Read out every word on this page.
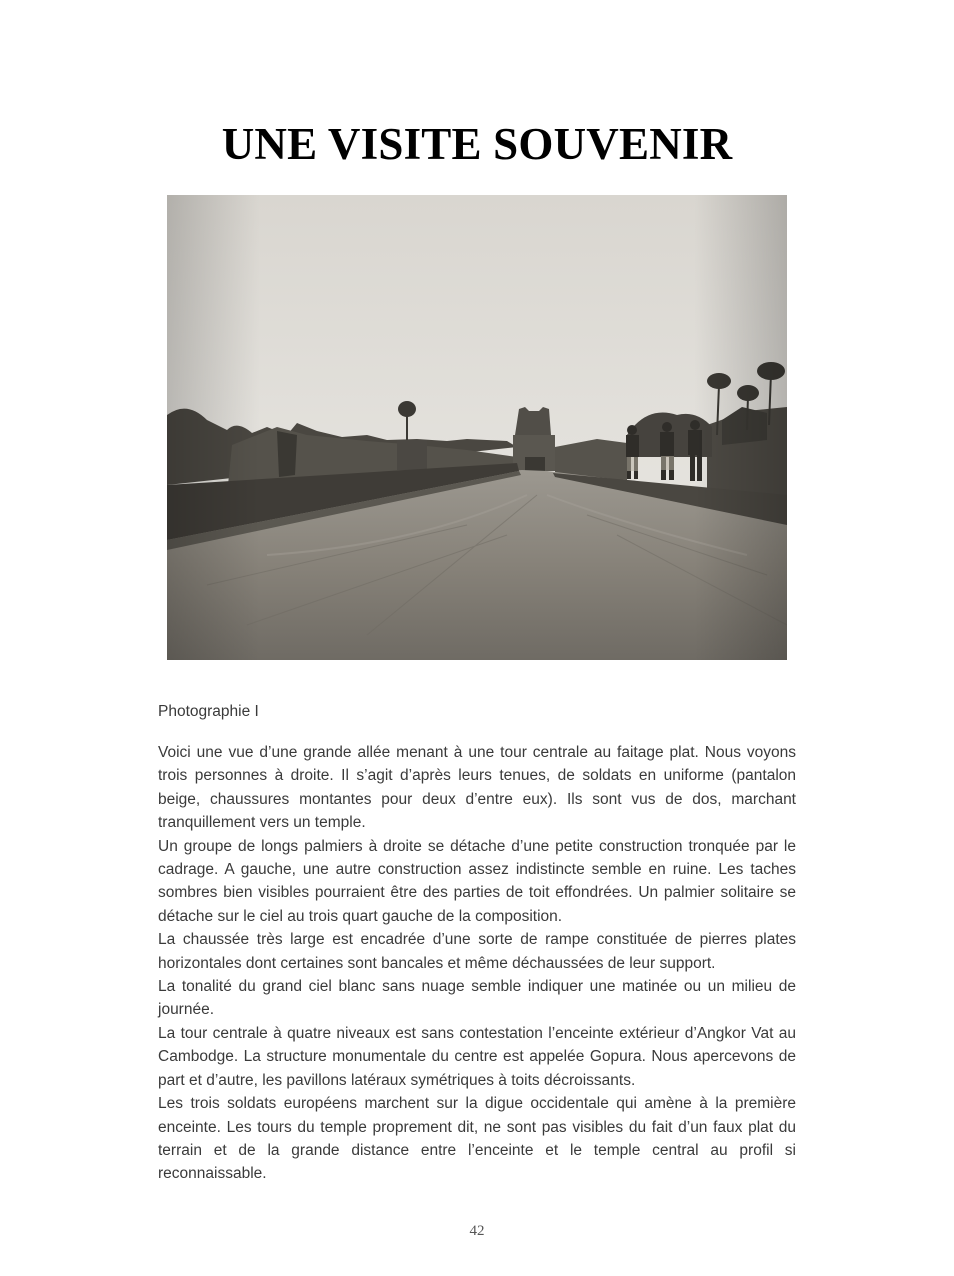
UNE VISITE SOUVENIR

Photographie I

Voici une vue d’une grande allée menant à une tour centrale au faitage plat. Nous voyons trois personnes à droite. Il s’agit d’après leurs tenues, de soldats en uniforme (pantalon beige, chaussures montantes pour deux d’entre eux). Ils sont vus de dos, marchant tranquillement vers un temple.

Un groupe de longs palmiers à droite se détache d’une petite construction tronquée par le cadrage. A gauche, une autre construction assez indistincte semble en ruine. Les taches sombres bien visibles pourraient être des parties de toit effondrées. Un palmier solitaire se détache sur le ciel au trois quart gauche de la composition.

La chaussée très large est encadrée d’une sorte de rampe constituée de pierres plates horizontales dont certaines sont bancales et même déchaussées de leur support.

La tonalité du grand ciel blanc sans nuage semble indiquer une matinée ou un milieu de journée.

La tour centrale à quatre niveaux est sans contestation l’enceinte extérieur d’Angkor Vat au Cambodge. La structure monumentale du centre est appelée Gopura. Nous apercevons de part et d’autre, les pavillons latéraux symétriques à toits décroissants.

Les trois soldats européens marchent sur la digue occidentale qui amène à la première enceinte. Les tours du temple proprement dit, ne sont pas visibles du fait d’un faux plat du terrain et de la grande distance entre l’enceinte et le temple central au profil si reconnaissable.

42
